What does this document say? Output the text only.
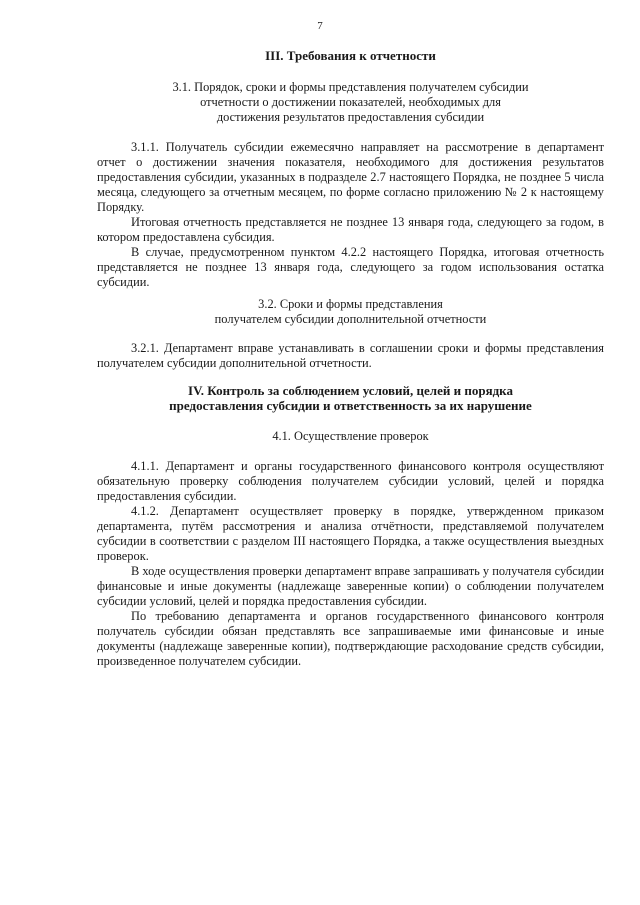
7
III. Требования к отчетности
3.1. Порядок, сроки и формы представления получателем субсидии
отчетности о достижении показателей, необходимых для
достижения результатов предоставления субсидии

3.1.1. Получатель субсидии ежемесячно направляет на рассмотрение в департамент отчет о достижении значения показателя, необходимого для достижения результатов предоставления субсидии, указанных в подразделе 2.7 настоящего Порядка, не позднее 5 числа месяца, следующего за отчетным месяцем, по форме согласно приложению № 2 к настоящему Порядку.

Итоговая отчетность представляется не позднее 13 января года, следующего за годом, в котором предоставлена субсидия.

В случае, предусмотренном пунктом 4.2.2 настоящего Порядка, итоговая отчетность представляется не позднее 13 января года, следующего за годом использования остатка субсидии.

3.2. Сроки и формы представления
получателем субсидии дополнительной отчетности

3.2.1. Департамент вправе устанавливать в соглашении сроки и формы представления получателем субсидии дополнительной отчетности.

IV. Контроль за соблюдением условий, целей и порядка
предоставления субсидии и ответственность за их нарушение
4.1. Осуществление проверок

4.1.1. Департамент и органы государственного финансового контроля осуществляют обязательную проверку соблюдения получателем субсидии условий, целей и порядка предоставления субсидии.

4.1.2. Департамент осуществляет проверку в порядке, утвержденном приказом департамента, путём рассмотрения и анализа отчётности, представляемой получателем субсидии в соответствии с разделом III настоящего Порядка, а также осуществления выездных проверок.

В ходе осуществления проверки департамент вправе запрашивать у получателя субсидии финансовые и иные документы (надлежаще заверенные копии) о соблюдении получателем субсидии условий, целей и порядка предоставления субсидии.

По требованию департамента и органов государственного финансового контроля получатель субсидии обязан представлять все запрашиваемые ими финансовые и иные документы (надлежаще заверенные копии), подтверждающие расходование средств субсидии, произведенное получателем субсидии.
